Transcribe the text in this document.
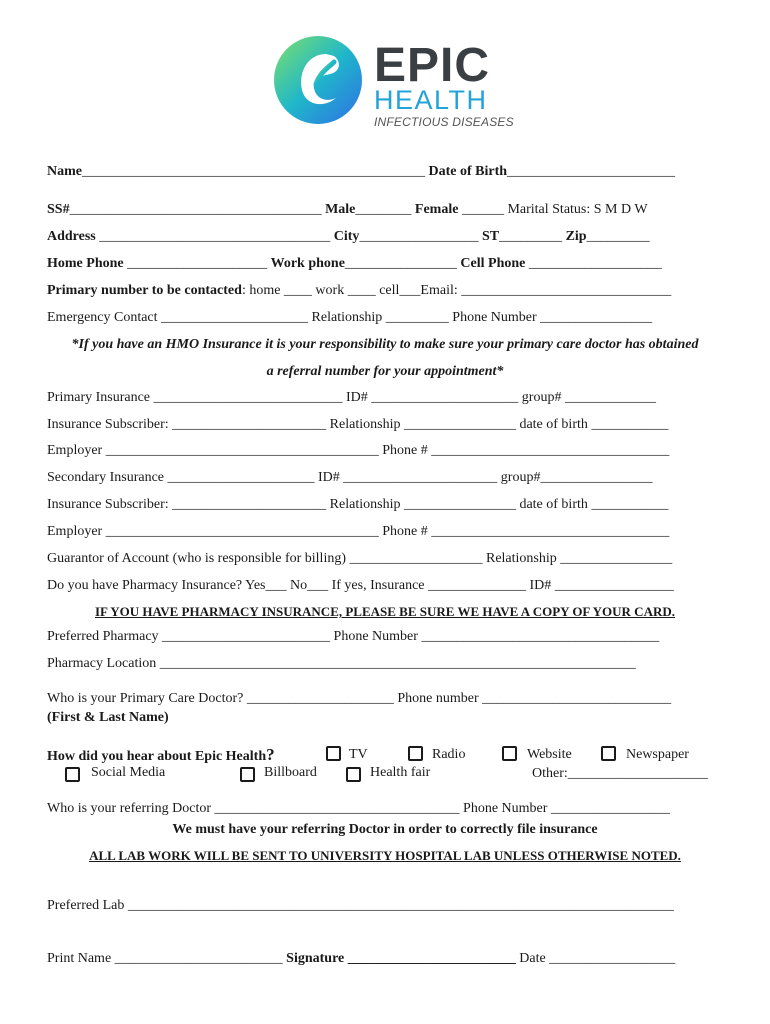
EPIC
HEALTH
INFECTIOUS DISEASES
Name_________________________________________________ Date of Birth________________________
SS#____________________________________ Male________ Female ______ Marital Status: S M D W
Address _________________________________ City_________________ ST_________ Zip_________
Home Phone ____________________ Work phone________________ Cell Phone ___________________
Primary number to be contacted: home ____ work ____ cell___Email: ______________________________
Emergency Contact _____________________ Relationship _________ Phone Number ________________
*If you have an HMO Insurance it is your responsibility to make sure your primary care doctor has obtained
a referral number for your appointment*
Primary Insurance ___________________________ ID# _____________________ group# _____________
Insurance Subscriber: ______________________ Relationship ________________ date of birth ___________
Employer _______________________________________ Phone # __________________________________
Secondary Insurance _____________________ ID# ______________________ group#________________
Insurance Subscriber: ______________________ Relationship ________________ date of birth ___________
Employer _______________________________________ Phone # __________________________________
Guarantor of Account (who is responsible for billing) ___________________ Relationship ________________
Do you have Pharmacy Insurance? Yes___ No___ If yes, Insurance ______________ ID# _________________
IF YOU HAVE PHARMACY INSURANCE, PLEASE BE SURE WE HAVE A COPY OF YOUR CARD.
Preferred Pharmacy ________________________ Phone Number __________________________________
Pharmacy Location ____________________________________________________________________
Who is your Primary Care Doctor? _____________________ Phone number ___________________________
(First & Last Name)
How did you hear about Epic Health?	TV	Radio	Website	Newspaper
Social Media	Billboard	Health fair	Other:____________________
Who is your referring Doctor ___________________________________ Phone Number _________________
We must have your referring Doctor in order to correctly file insurance
ALL LAB WORK WILL BE SENT TO UNIVERSITY HOSPITAL LAB UNLESS OTHERWISE NOTED.
Preferred Lab ______________________________________________________________________________
Print Name ________________________ Signature ________________________ Date __________________
